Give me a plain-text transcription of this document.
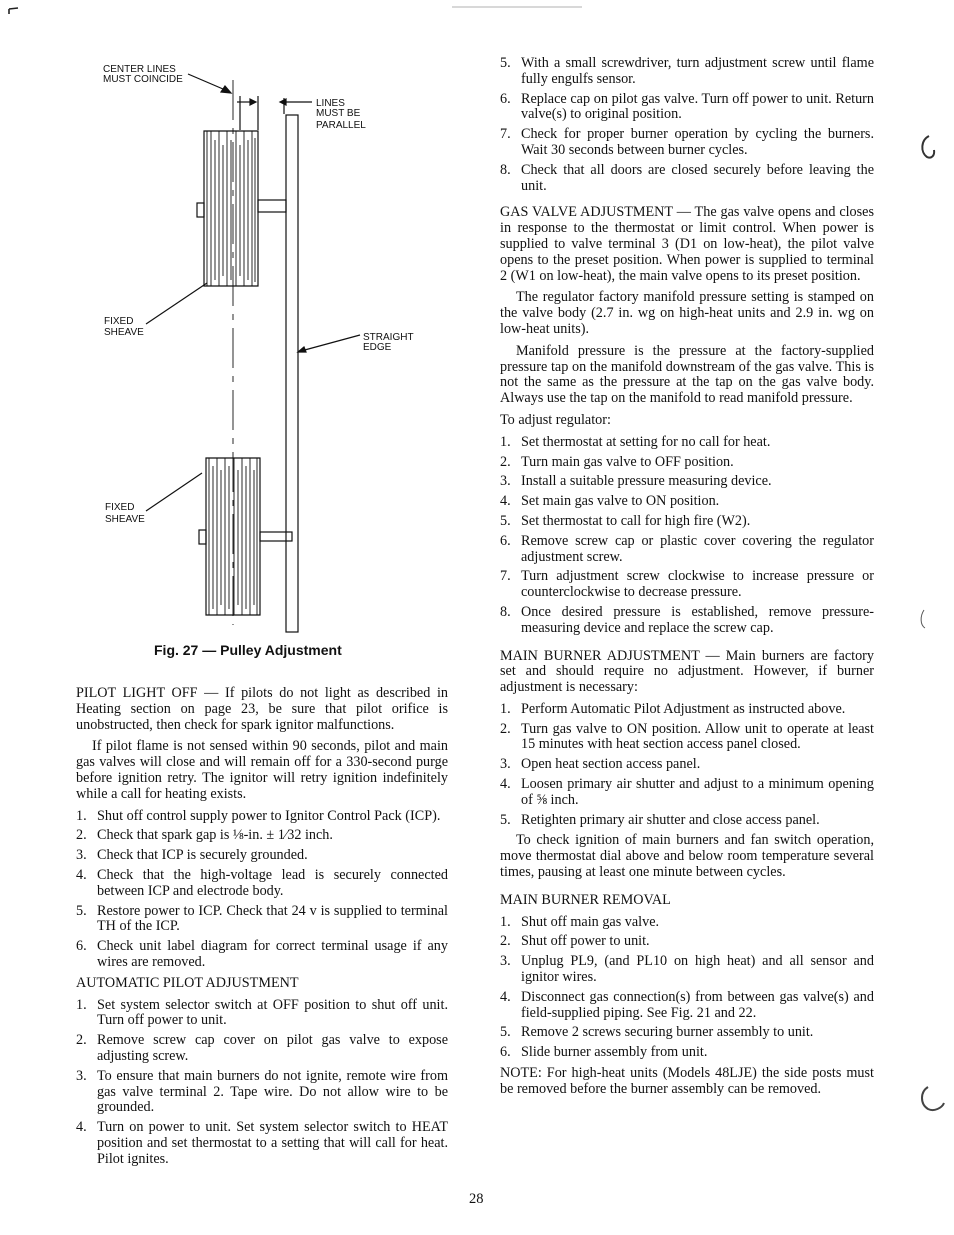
CENTER LINES
MUST COINCIDE
LINES
MUST BE
PARALLEL
STRAIGHT
EDGE
FIXED
SHEAVE
FIXED
SHEAVE
Fig. 27 — Pulley Adjustment

PILOT LIGHT OFF — If pilots do not light as described in Heating section on page 23, be sure that pilot orifice is unobstructed, then check for spark ignitor malfunctions.

If pilot flame is not sensed within 90 seconds, pilot and main gas valves will close and will remain off for a 330-second purge before ignition retry. The ignitor will retry ignition indefinitely while a call for heating exists.

1. Shut off control supply power to Ignitor Control Pack (ICP).
2. Check that spark gap is ⅛-in. ± 1⁄32 inch.
3. Check that ICP is securely grounded.
4. Check that the high-voltage lead is securely connected between ICP and electrode body.
5. Restore power to ICP. Check that 24 v is supplied to terminal TH of the ICP.
6. Check unit label diagram for correct terminal usage if any wires are removed.

AUTOMATIC PILOT ADJUSTMENT

1. Set system selector switch at OFF position to shut off unit. Turn off power to unit.
2. Remove screw cap cover on pilot gas valve to expose adjusting screw.
3. To ensure that main burners do not ignite, remote wire from gas valve terminal 2. Tape wire. Do not allow wire to be grounded.
4. Turn on power to unit. Set system selector switch to HEAT position and set thermostat to a setting that will call for heat. Pilot ignites.
5. With a small screwdriver, turn adjustment screw until flame fully engulfs sensor.
6. Replace cap on pilot gas valve. Turn off power to unit. Return valve(s) to original position.
7. Check for proper burner operation by cycling the burners. Wait 30 seconds between burner cycles.
8. Check that all doors are closed securely before leaving the unit.

GAS VALVE ADJUSTMENT — The gas valve opens and closes in response to the thermostat or limit control. When power is supplied to valve terminal 3 (D1 on low-heat), the pilot valve opens to the preset position. When power is supplied to terminal 2 (W1 on low-heat), the main valve opens to its preset position.

The regulator factory manifold pressure setting is stamped on the valve body (2.7 in. wg on high-heat units and 2.9 in. wg on low-heat units).

Manifold pressure is the pressure at the factory-supplied pressure tap on the manifold downstream of the gas valve. This is not the same as the pressure at the tap on the gas valve body. Always use the tap on the manifold to read manifold pressure.

To adjust regulator:

1. Set thermostat at setting for no call for heat.
2. Turn main gas valve to OFF position.
3. Install a suitable pressure measuring device.
4. Set main gas valve to ON position.
5. Set thermostat to call for high fire (W2).
6. Remove screw cap or plastic cover covering the regulator adjustment screw.
7. Turn adjustment screw clockwise to increase pressure or counterclockwise to decrease pressure.
8. Once desired pressure is established, remove pressure-measuring device and replace the screw cap.

MAIN BURNER ADJUSTMENT — Main burners are factory set and should require no adjustment. However, if burner adjustment is necessary:

1. Perform Automatic Pilot Adjustment as instructed above.
2. Turn gas valve to ON position. Allow unit to operate at least 15 minutes with heat section access panel closed.
3. Open heat section access panel.
4. Loosen primary air shutter and adjust to a minimum opening of ⅝ inch.
5. Retighten primary air shutter and close access panel.

To check ignition of main burners and fan switch operation, move thermostat dial above and below room temperature several times, pausing at least one minute between cycles.

MAIN BURNER REMOVAL

1. Shut off main gas valve.
2. Shut off power to unit.
3. Unplug PL9, (and PL10 on high heat) and all sensor and ignitor wires.
4. Disconnect gas connection(s) from between gas valve(s) and field-supplied piping. See Fig. 21 and 22.
5. Remove 2 screws securing burner assembly to unit.
6. Slide burner assembly from unit.

NOTE: For high-heat units (Models 48LJE) the side posts must be removed before the burner assembly can be removed.

28
